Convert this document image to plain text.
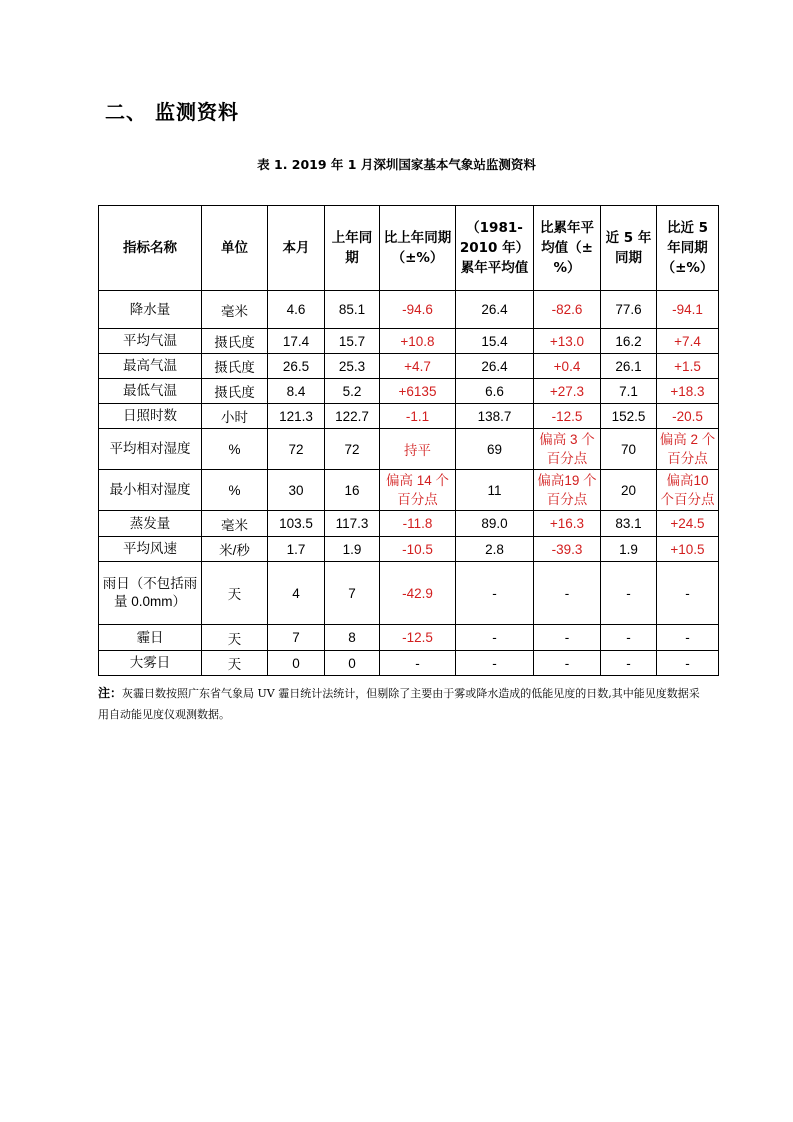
二、 监测资料
表 1. 2019 年 1 月深圳国家基本气象站监测资料
指标名称	单位	本月	上年同期	比上年同期（±%）	（1981-2010 年）累年平均值	比累年平均值（±%）	近 5 年同期	比近 5 年同期（±%）
降水量	毫米	4.6	85.1	-94.6	26.4	-82.6	77.6	-94.1
平均气温	摄氏度	17.4	15.7	+10.8	15.4	+13.0	16.2	+7.4
最高气温	摄氏度	26.5	25.3	+4.7	26.4	+0.4	26.1	+1.5
最低气温	摄氏度	8.4	5.2	+6135	6.6	+27.3	7.1	+18.3
日照时数	小时	121.3	122.7	-1.1	138.7	-12.5	152.5	-20.5
平均相对湿度	%	72	72	持平	69	偏高 3 个百分点	70	偏高 2 个百分点
最小相对湿度	%	30	16	偏高 14 个百分点	11	偏高19 个百分点	20	偏高10 个百分点
蒸发量	毫米	103.5	117.3	-11.8	89.0	+16.3	83.1	+24.5
平均风速	米/秒	1.7	1.9	-10.5	2.8	-39.3	1.9	+10.5
雨日（不包括雨量 0.0mm）	天	4	7	-42.9	-	-	-	-
霾日	天	7	8	-12.5	-	-	-	-
大雾日	天	0	0	-	-	-	-	-
注：灰霾日数按照广东省气象局 UV 霾日统计法统计，但剔除了主要由于雾或降水造成的低能见度的日数,其中能见度数据采用自动能见度仪观测数据。
